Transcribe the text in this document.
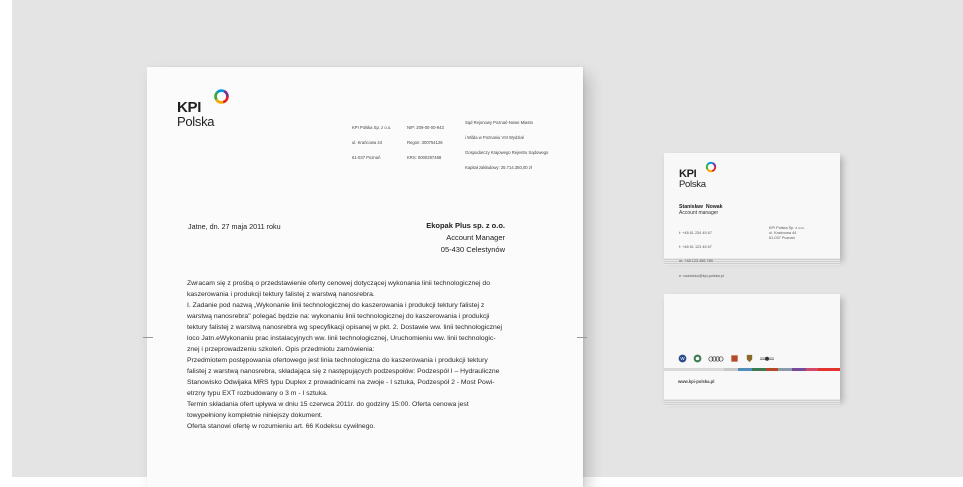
KPI
Polska

	KPI Polska Sp. z o.o.

ul. Krańcowa 44

61-037 Poznań

NIP: 209-00-00-943

Regon: 300754126

KRS: 0000297468

Sąd Rejonowy Poznań-Nowe Miasto

i Wilda w Poznaniu VIII Wydział

Gospodarczy Krajowego Rejestru Sądowego

Kapitał zakładowy: 25.714.350,00 zł

Jatne, dn. 27 maja 2011 roku	Ekopak Plus sp. z o.o.
Account Manager
05-430 Celestynów
Zwracam się z prośbą o przedstawienie oferty cenowej dotyczącej wykonania linii technologicznej do
kaszerowania i produkcji tektury falistej z warstwą nanosrebra.
I. Zadanie pod nazwą „Wykonanie linii technologicznej do kaszerowania i produkcji tektury falistej z
warstwą nanosrebra" polegać będzie na: wykonaniu linii technologicznej do kaszerowania i produkcji
tektury falistej z warstwą nanosrebra wg specyfikacji opisanej w pkt. 2. Dostawie ww. linii technologicznej
loco Jatn.eWykonaniu prac instalacyjnych ww. linii technologicznej, Uruchomieniu ww. linii technologic-
znej i przeprowadzeniu szkoleń. Opis przedmiotu zamówienia:
Przedmiotem postępowania ofertowego jest linia technologiczna do kaszerowania i produkcji tektury
falistej z warstwą nanosrebra, składająca się z następujących podzespołów: Podzespół I – Hydrauliczne
Stanowisko Odwijaka MRS typu Duplex z prowadnicami na zwoje - I sztuka, Podzespół 2 - Most Powi-
etrzny typu EXT rozbudowany o 3 m - I sztuka.
Termin składania ofert upływa w dniu 15 czerwca 2011r. do godziny 15:00. Oferta cenowa jest
towypełniony kompletnie niniejszy dokument.
Oferta stanowi ofertę w rozumieniu art. 66 Kodeksu cywilnego.
KPI
Polska
Stanisław Nowak
Account manager

t: +48 61 234 45 67

f: +48 61 123 45 67

m: +48 123 456 789

e: nazwisko@kpi-polska.pl

KPI Polska Sp. z o.o.
ul. Krańcowa 44
61-037 Poznań
W
www.kpi-polska.pl
